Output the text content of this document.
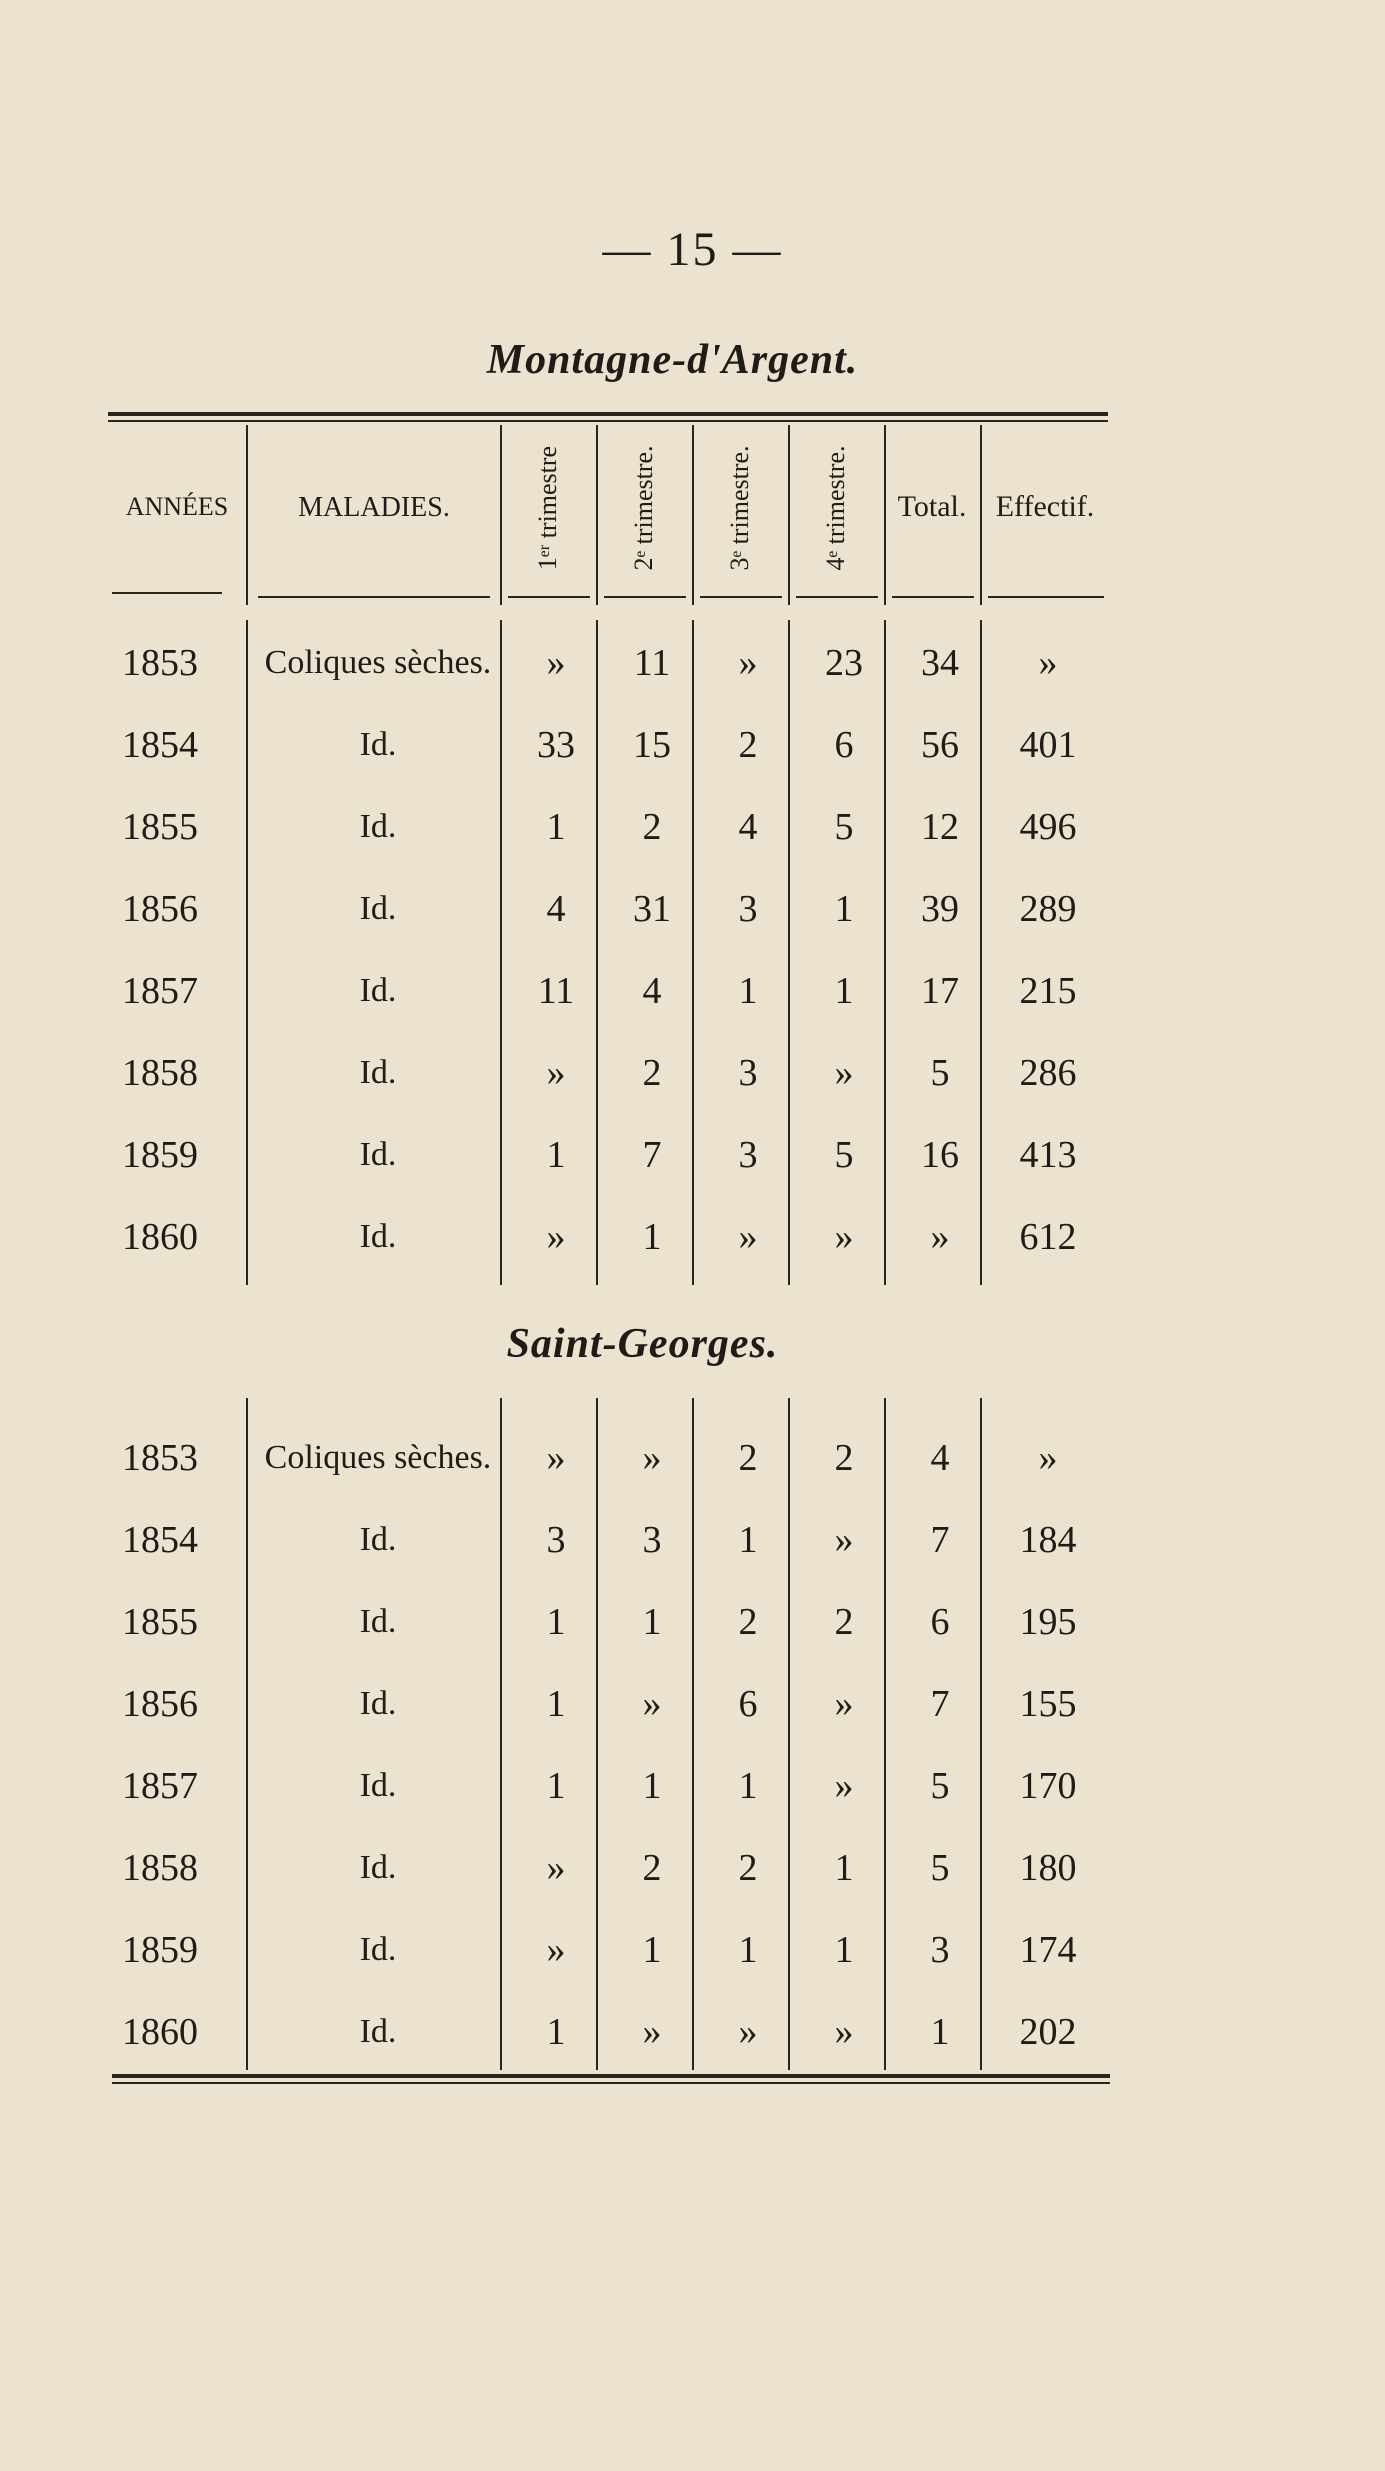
— 15 —
Montagne-d'Argent.
ANNÉES	MALADIES.	1ᵉʳ trimestre	2ᵉ trimestre.	3ᵉ trimestre.	4ᵉ trimestre.	Total. Effectif.
1853	Coliques sèches.	»	11	»	23	34	»
1854	Id.	33	15	2	6	56	401
1855	Id.	1	2	4	5	12	496
1856	Id.	4	31	3	1	39	289
1857	Id.	11	4	1	1	17	215
1858	Id.	»	2	3	»	5	286
1859	Id.	1	7	3	5	16	413
1860	Id.	»	1	»	»	»	612
Saint-Georges.
1853	Coliques sèches.	»	»	2	2	4	»
1854	Id.	3	3	1	»	7	184
1855	Id.	1	1	2	2	6	195
1856	Id.	1	»	6	»	7	155
1857	Id.	1	1	1	»	5	170
1858	Id.	»	2	2	1	5	180
1859	Id.	»	1	1	1	3	174
1860	Id.	1	»	»	»	1	202
